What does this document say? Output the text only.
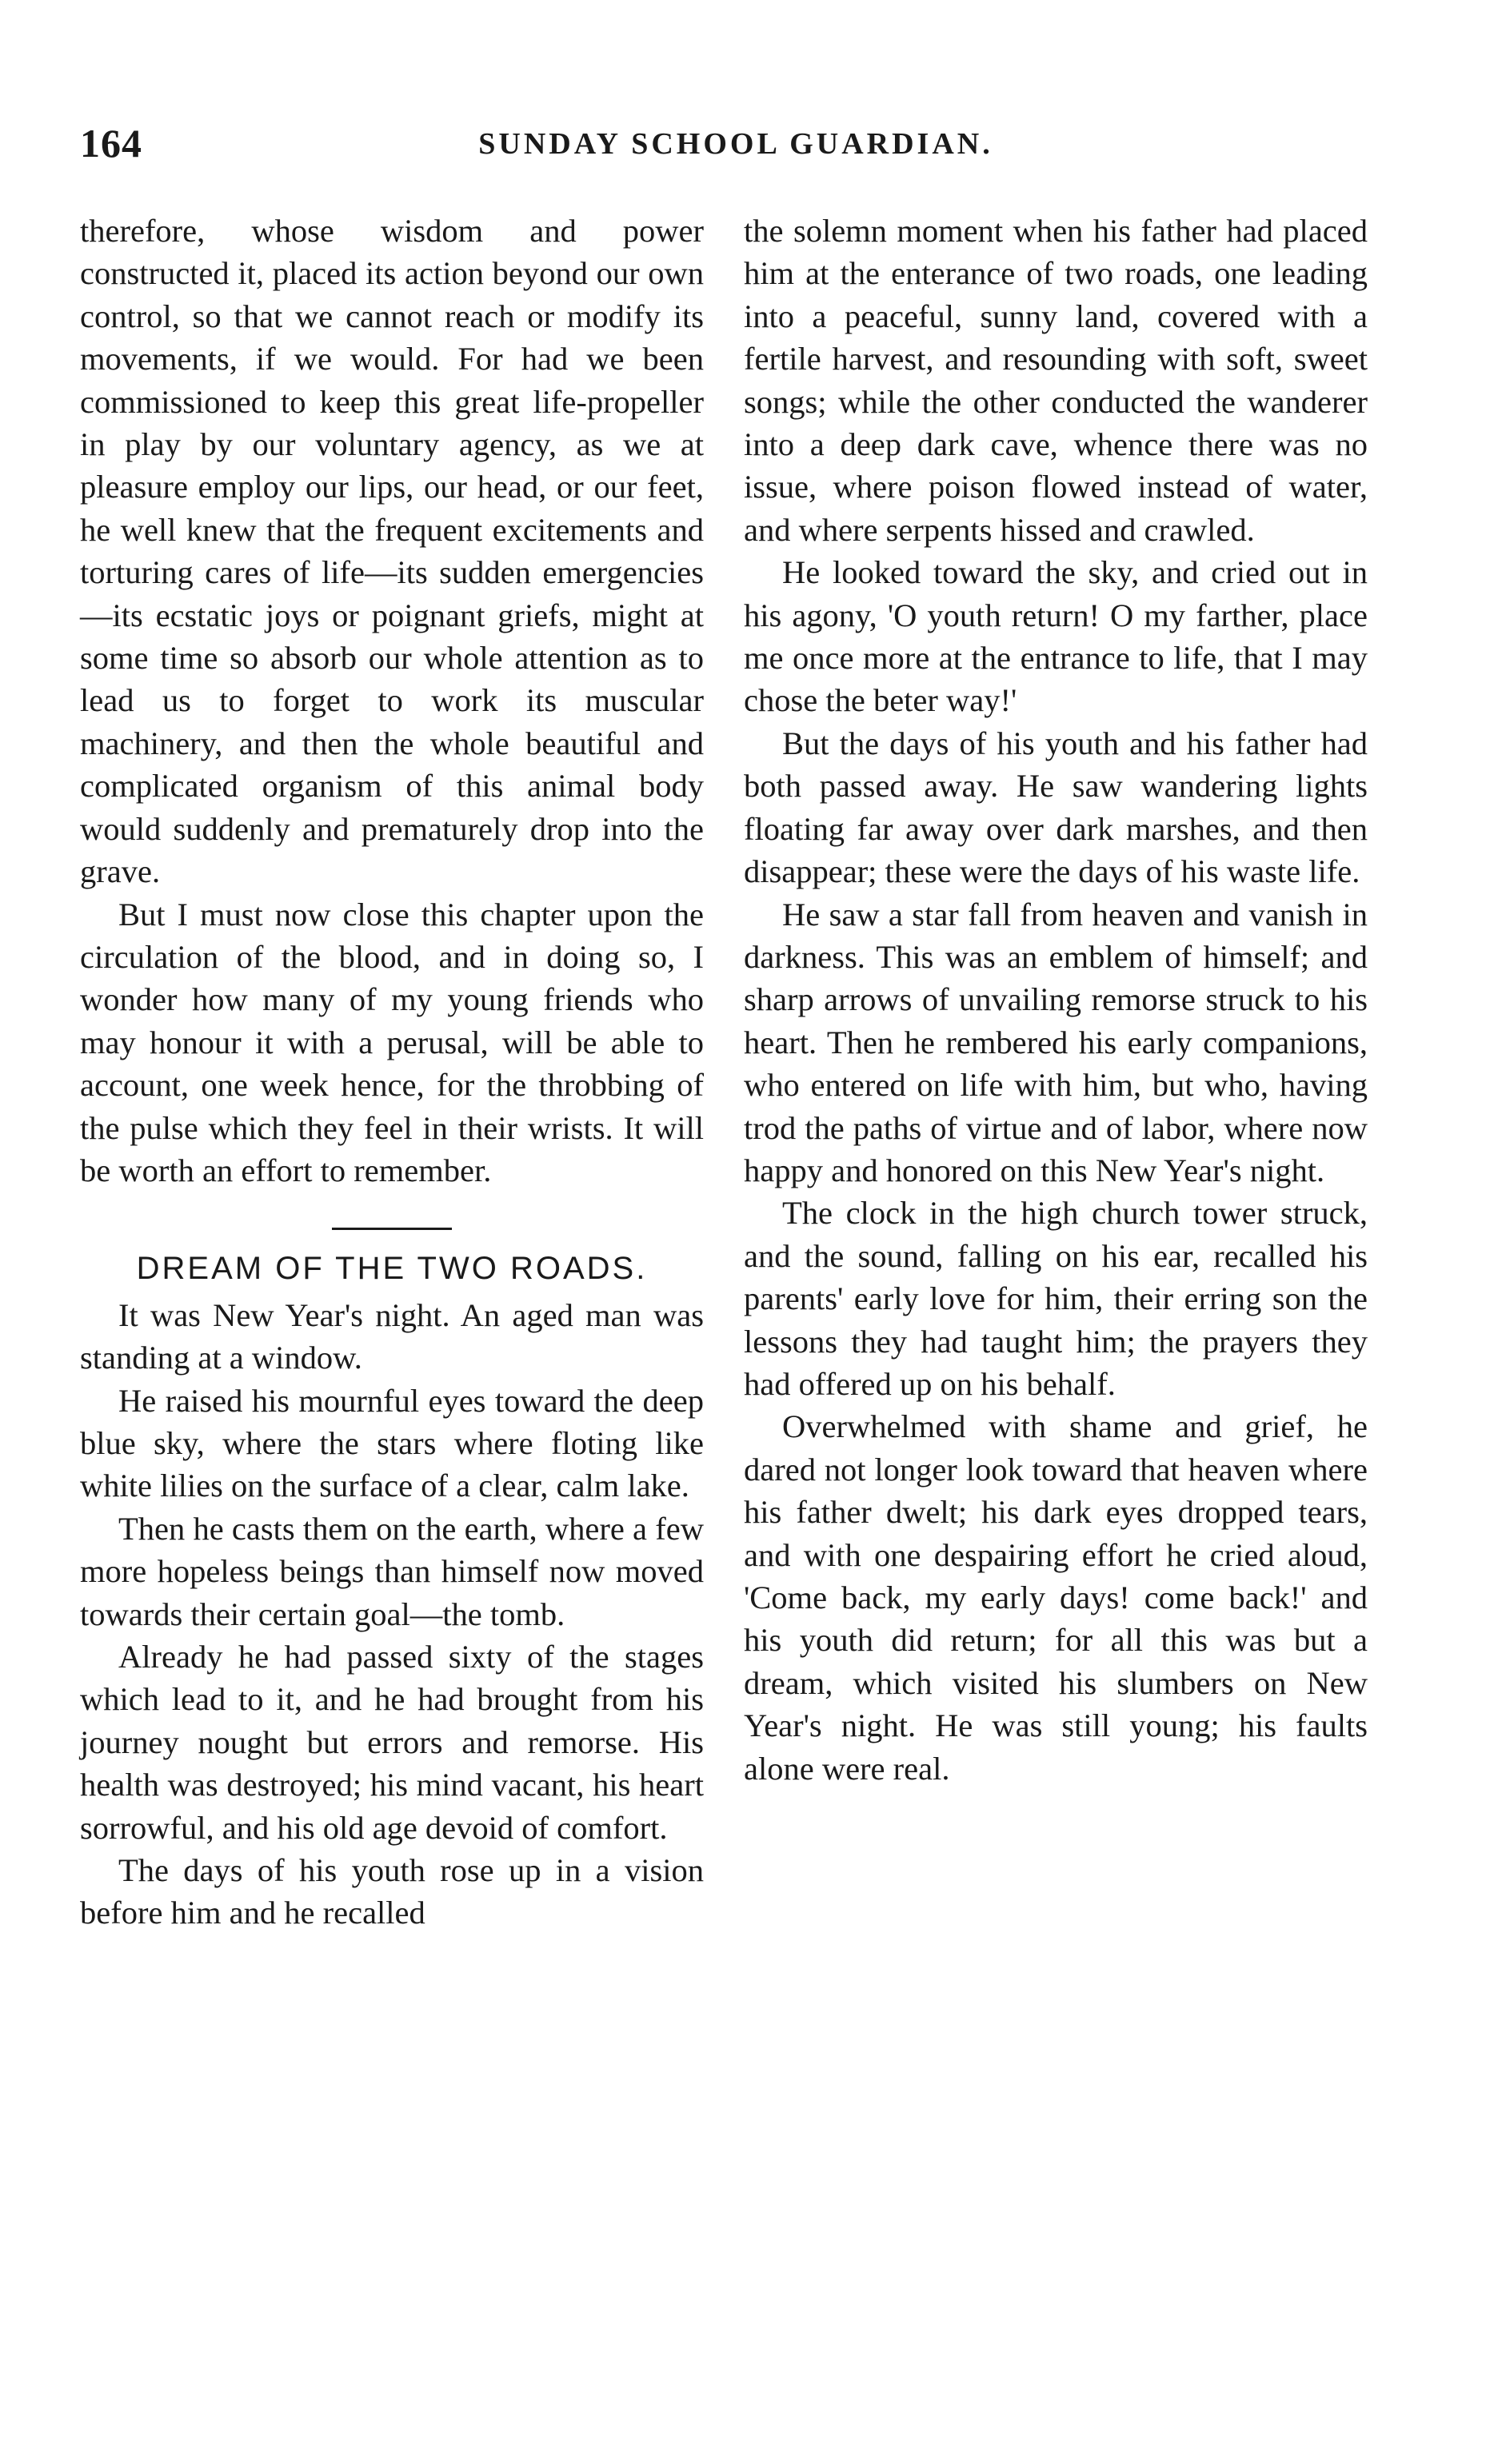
164	SUNDAY SCHOOL GUARDIAN.

therefore, whose wisdom and power constructed it, placed its action beyond our own control, so that we cannot reach or modify its movements, if we would. For had we been commissioned to keep this great life-propeller in play by our voluntary agency, as we at pleasure employ our lips, our head, or our feet, he well knew that the frequent excitements and torturing cares of life—its sudden emergencies—its ecstatic joys or poignant griefs, might at some time so absorb our whole attention as to lead us to forget to work its muscular machinery, and then the whole beautiful and complicated organism of this animal body would suddenly and prematurely drop into the grave.

But I must now close this chapter upon the circulation of the blood, and in doing so, I wonder how many of my young friends who may honour it with a perusal, will be able to account, one week hence, for the throbbing of the pulse which they feel in their wrists. It will be worth an effort to remember.

DREAM OF THE TWO ROADS.

It was New Year's night. An aged man was standing at a window.

He raised his mournful eyes toward the deep blue sky, where the stars where floting like white lilies on the surface of a clear, calm lake.

Then he casts them on the earth, where a few more hopeless beings than himself now moved towards their certain goal—the tomb.

Already he had passed sixty of the stages which lead to it, and he had brought from his journey nought but errors and remorse. His health was destroyed; his mind vacant, his heart sorrowful, and his old age devoid of comfort.

The days of his youth rose up in a vision before him and he recalled

the solemn moment when his father had placed him at the enterance of two roads, one leading into a peaceful, sunny land, covered with a fertile harvest, and resounding with soft, sweet songs; while the other conducted the wanderer into a deep dark cave, whence there was no issue, where poison flowed instead of water, and where serpents hissed and crawled.

He looked toward the sky, and cried out in his agony, 'O youth return! O my farther, place me once more at the entrance to life, that I may chose the beter way!'

But the days of his youth and his father had both passed away. He saw wandering lights floating far away over dark marshes, and then disappear; these were the days of his waste life.

He saw a star fall from heaven and vanish in darkness. This was an emblem of himself; and sharp arrows of unvailing remorse struck to his heart. Then he rembered his early companions, who entered on life with him, but who, having trod the paths of virtue and of labor, where now happy and honored on this New Year's night.

The clock in the high church tower struck, and the sound, falling on his ear, recalled his parents' early love for him, their erring son the lessons they had taught him; the prayers they had offered up on his behalf.

Overwhelmed with shame and grief, he dared not longer look toward that heaven where his father dwelt; his dark eyes dropped tears, and with one despairing effort he cried aloud, 'Come back, my early days! come back!' and his youth did return; for all this was but a dream, which visited his slumbers on New Year's night. He was still young; his faults alone were real.
